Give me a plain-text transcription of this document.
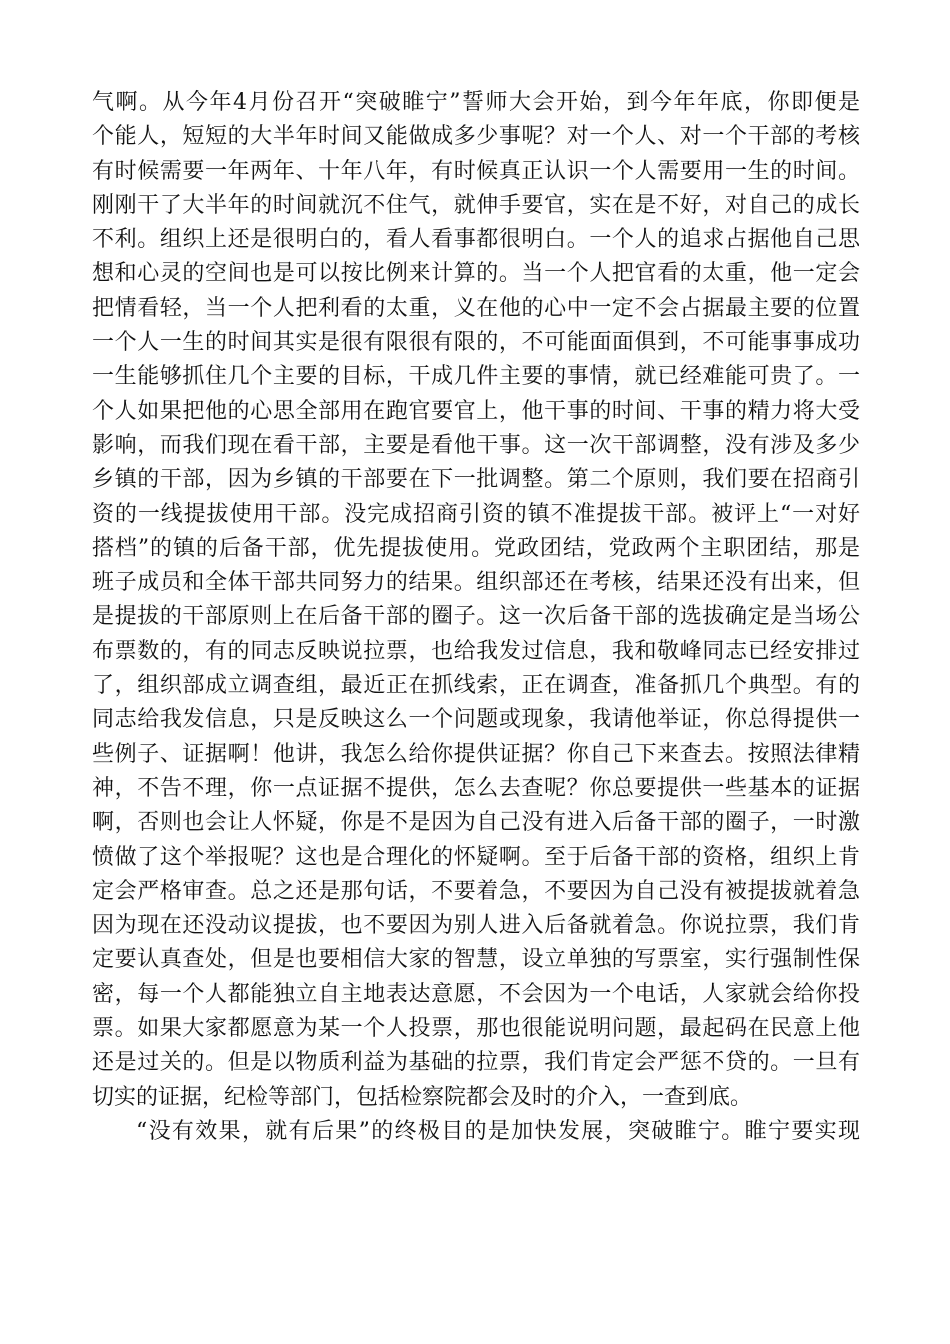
气啊。从今年4月份召开“突破睢宁”誓师大会开始，到今年年底，你即便是
个能人，短短的大半年时间又能做成多少事呢？对一个人、对一个干部的考核
有时候需要一年两年、十年八年，有时候真正认识一个人需要用一生的时间。
刚刚干了大半年的时间就沉不住气，就伸手要官，实在是不好，对自己的成长
不利。组织上还是很明白的，看人看事都很明白。一个人的追求占据他自己思
想和心灵的空间也是可以按比例来计算的。当一个人把官看的太重，他一定会
把情看轻，当一个人把利看的太重，义在他的心中一定不会占据最主要的位置
一个人一生的时间其实是很有限很有限的，不可能面面俱到，不可能事事成功
一生能够抓住几个主要的目标，干成几件主要的事情，就已经难能可贵了。一
个人如果把他的心思全部用在跑官要官上，他干事的时间、干事的精力将大受
影响，而我们现在看干部，主要是看他干事。这一次干部调整，没有涉及多少
乡镇的干部，因为乡镇的干部要在下一批调整。第二个原则，我们要在招商引
资的一线提拔使用干部。没完成招商引资的镇不准提拔干部。被评上“一对好
搭档”的镇的后备干部，优先提拔使用。党政团结，党政两个主职团结，那是
班子成员和全体干部共同努力的结果。组织部还在考核，结果还没有出来，但
是提拔的干部原则上在后备干部的圈子。这一次后备干部的选拔确定是当场公
布票数的，有的同志反映说拉票，也给我发过信息，我和敬峰同志已经安排过
了，组织部成立调查组，最近正在抓线索，正在调查，准备抓几个典型。有的
同志给我发信息，只是反映这么一个问题或现象，我请他举证，你总得提供一
些例子、证据啊！他讲，我怎么给你提供证据？你自己下来查去。按照法律精
神，不告不理，你一点证据不提供，怎么去查呢？你总要提供一些基本的证据
啊，否则也会让人怀疑，你是不是因为自己没有进入后备干部的圈子，一时激
愤做了这个举报呢？这也是合理化的怀疑啊。至于后备干部的资格，组织上肯
定会严格审查。总之还是那句话，不要着急，不要因为自己没有被提拔就着急
因为现在还没动议提拔，也不要因为别人进入后备就着急。你说拉票，我们肯
定要认真查处，但是也要相信大家的智慧，设立单独的写票室，实行强制性保
密，每一个人都能独立自主地表达意愿，不会因为一个电话，人家就会给你投
票。如果大家都愿意为某一个人投票，那也很能说明问题，最起码在民意上他
还是过关的。但是以物质利益为基础的拉票，我们肯定会严惩不贷的。一旦有
切实的证据，纪检等部门，包括检察院都会及时的介入，一查到底。
“没有效果，就有后果”的终极目的是加快发展，突破睢宁。睢宁要实现
